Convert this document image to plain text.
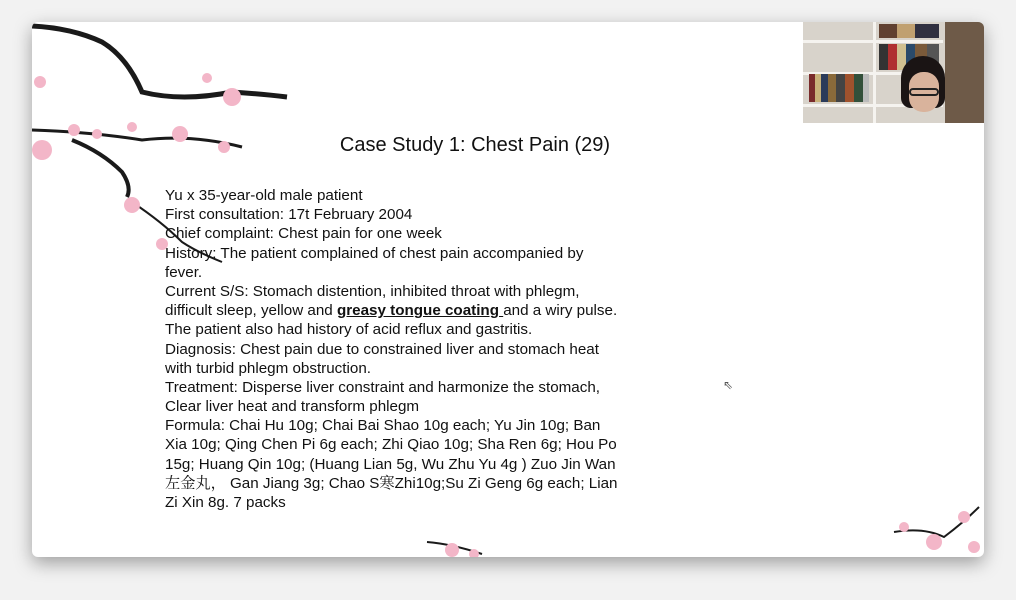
Case Study 1: Chest Pain (29)
Yu x 35-year-old male patient
First consultation: 17t February 2004
Chief complaint: Chest pain for one week
History: The patient complained of chest pain accompanied by
fever.
Current S/S: Stomach distention, inhibited throat with phlegm,
difficult sleep, yellow and greasy tongue coating and a wiry pulse.
The patient also had history of acid reflux and gastritis.
Diagnosis: Chest pain due to constrained liver and stomach heat
with turbid phlegm obstruction.
Treatment: Disperse liver constraint and harmonize the stomach,
Clear liver heat and transform phlegm
Formula: Chai Hu 10g; Chai Bai Shao 10g each; Yu Jin 10g; Ban
Xia 10g; Qing Chen Pi 6g each; Zhi Qiao 10g; Sha Ren 6g; Hou Po
15g; Huang Qin 10g; (Huang Lian 5g, Wu Zhu Yu 4g ) Zuo Jin Wan
左金丸， Gan Jiang 3g; Chao S寒Zhi10g;Su Zi Geng 6g each; Lian
Zi Xin 8g. 7 packs
⇖
